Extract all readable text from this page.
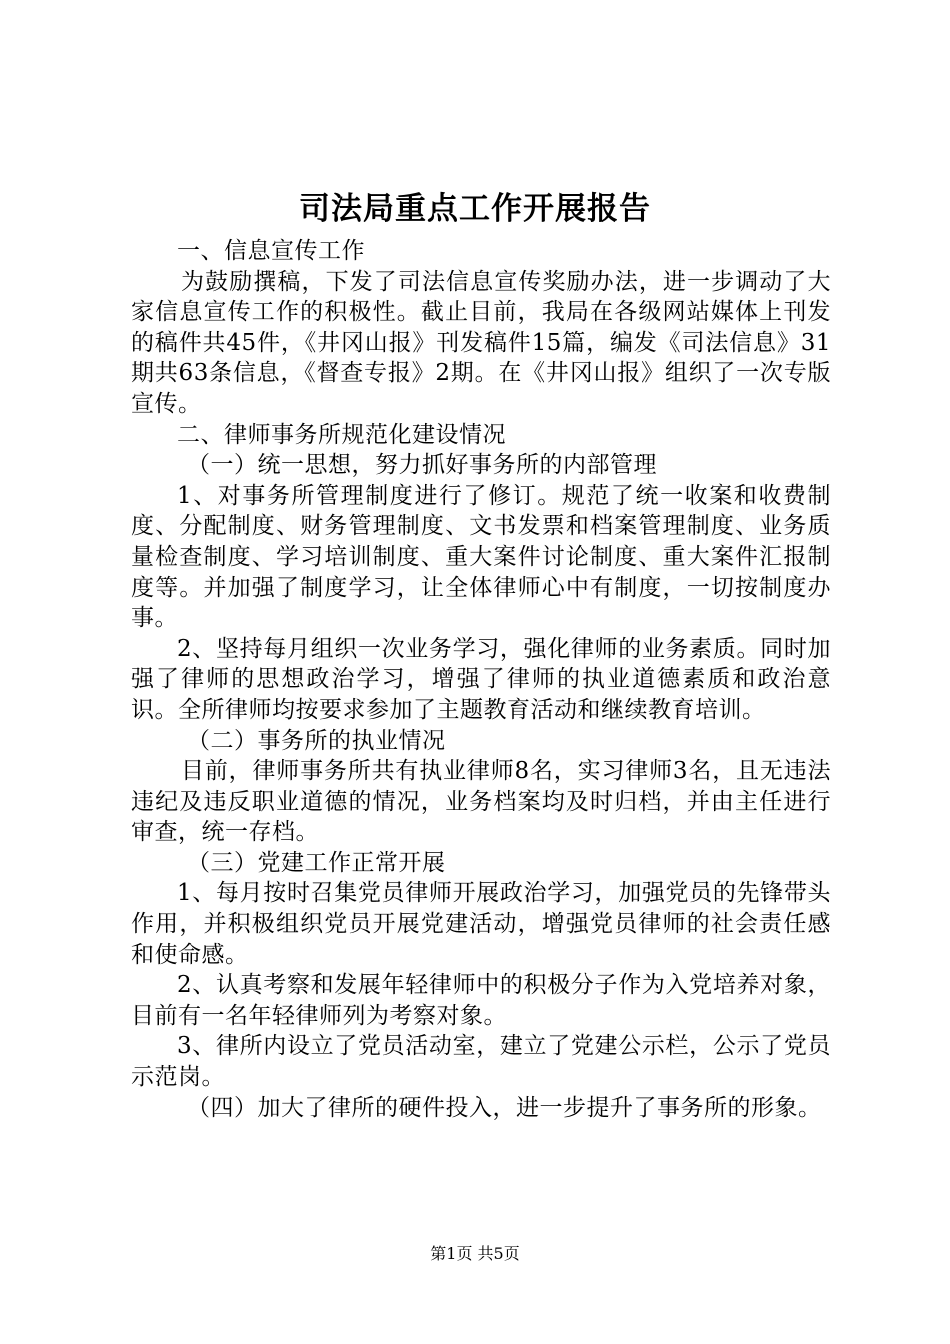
司法局重点工作开展报告

一、信息宣传工作

为鼓励撰稿，下发了司法信息宣传奖励办法，进一步调动了大家信息宣传工作的积极性。截止目前，我局在各级网站媒体上刊发的稿件共45件，《井冈山报》刊发稿件15篇，编发《司法信息》31期共63条信息，《督查专报》2期。在《井冈山报》组织了一次专版宣传。

二、律师事务所规范化建设情况

（一）统一思想，努力抓好事务所的内部管理

1、对事务所管理制度进行了修订。规范了统一收案和收费制度、分配制度、财务管理制度、文书发票和档案管理制度、业务质量检查制度、学习培训制度、重大案件讨论制度、重大案件汇报制度等。并加强了制度学习，让全体律师心中有制度，一切按制度办事。

2、坚持每月组织一次业务学习，强化律师的业务素质。同时加强了律师的思想政治学习，增强了律师的执业道德素质和政治意识。全所律师均按要求参加了主题教育活动和继续教育培训。

（二）事务所的执业情况

目前，律师事务所共有执业律师8名，实习律师3名，且无违法违纪及违反职业道德的情况，业务档案均及时归档，并由主任进行审查，统一存档。

（三）党建工作正常开展

1、每月按时召集党员律师开展政治学习，加强党员的先锋带头作用，并积极组织党员开展党建活动，增强党员律师的社会责任感和使命感。

2、认真考察和发展年轻律师中的积极分子作为入党培养对象，目前有一名年轻律师列为考察对象。

3、律所内设立了党员活动室，建立了党建公示栏，公示了党员示范岗。

（四）加大了律所的硬件投入，进一步提升了事务所的形象。

第1页 共5页
